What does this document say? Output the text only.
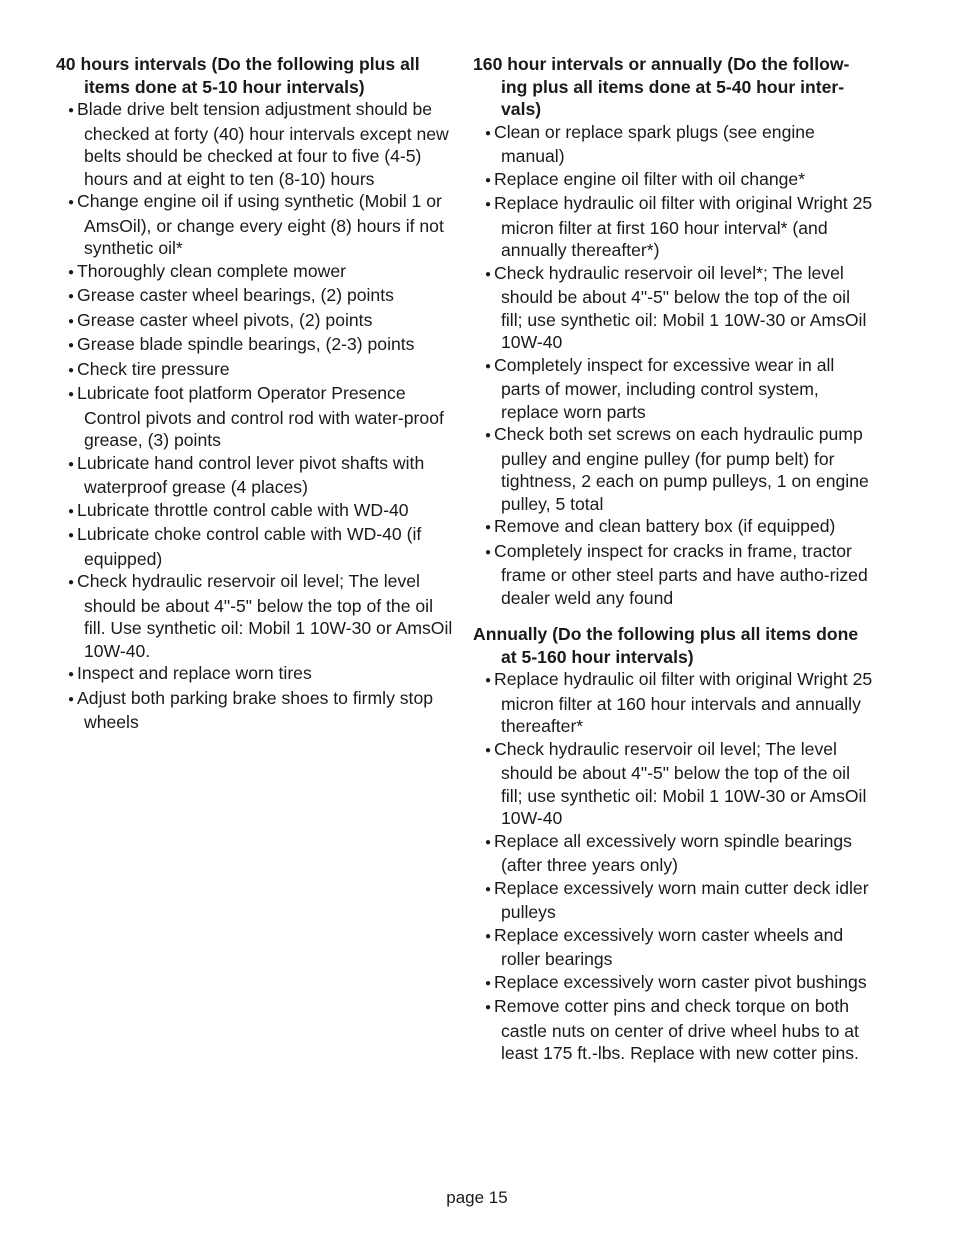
40 hours intervals (Do the following plus all items done at 5-10 hour intervals)
● Blade drive belt tension adjustment should be checked at forty (40) hour intervals except new belts should be checked at four to five (4-5) hours and at eight to ten (8-10) hours
● Change engine oil if using synthetic (Mobil 1 or AmsOil), or change every eight (8) hours if not synthetic oil*
● Thoroughly clean complete mower
● Grease caster wheel bearings, (2) points
● Grease caster wheel pivots, (2) points
● Grease blade spindle bearings, (2-3) points
● Check tire pressure
● Lubricate foot platform Operator Presence Control pivots and control rod with water-proof grease, (3) points
● Lubricate hand control lever pivot shafts with waterproof grease (4 places)
● Lubricate throttle control cable with WD-40
● Lubricate choke control cable with WD-40 (if equipped)
● Check hydraulic reservoir oil level; The level should be about 4"-5" below the top of the oil fill. Use synthetic oil: Mobil 1 10W-30 or AmsOil 10W-40.
● Inspect and replace worn tires
● Adjust both parking brake shoes to firmly stop wheels
160 hour intervals or annually (Do the follow-ing plus all items done at 5-40 hour inter-vals)
● Clean or replace spark plugs (see engine manual)
● Replace engine oil filter with oil change*
● Replace hydraulic oil filter with original Wright 25 micron filter at first 160 hour interval* (and annually thereafter*)
● Check hydraulic reservoir oil level*; The level should be about 4"-5" below the top of the oil fill; use synthetic oil: Mobil 1 10W-30 or AmsOil 10W-40
● Completely inspect for excessive wear in all parts of mower, including control system, replace worn parts
● Check both set screws on each hydraulic pump pulley and engine pulley (for pump belt) for tightness, 2 each on pump pulleys, 1 on engine pulley, 5 total
● Remove and clean battery box (if equipped)
● Completely inspect for cracks in frame, tractor frame or other steel parts and have autho-rized dealer weld any found
Annually (Do the following plus all items done at 5-160 hour intervals)
● Replace hydraulic oil filter with original Wright 25 micron filter at 160 hour intervals and annually thereafter*
● Check hydraulic reservoir oil level; The level should be about 4"-5" below the top of the oil fill; use synthetic oil: Mobil 1 10W-30 or AmsOil 10W-40
● Replace all excessively worn spindle bearings (after three years only)
● Replace excessively worn main cutter deck idler pulleys
● Replace excessively worn caster wheels and roller bearings
● Replace excessively worn caster pivot bushings
● Remove cotter pins and check torque on both castle nuts on center of drive wheel hubs to at least 175 ft.-lbs. Replace with new cotter pins.
page 15
